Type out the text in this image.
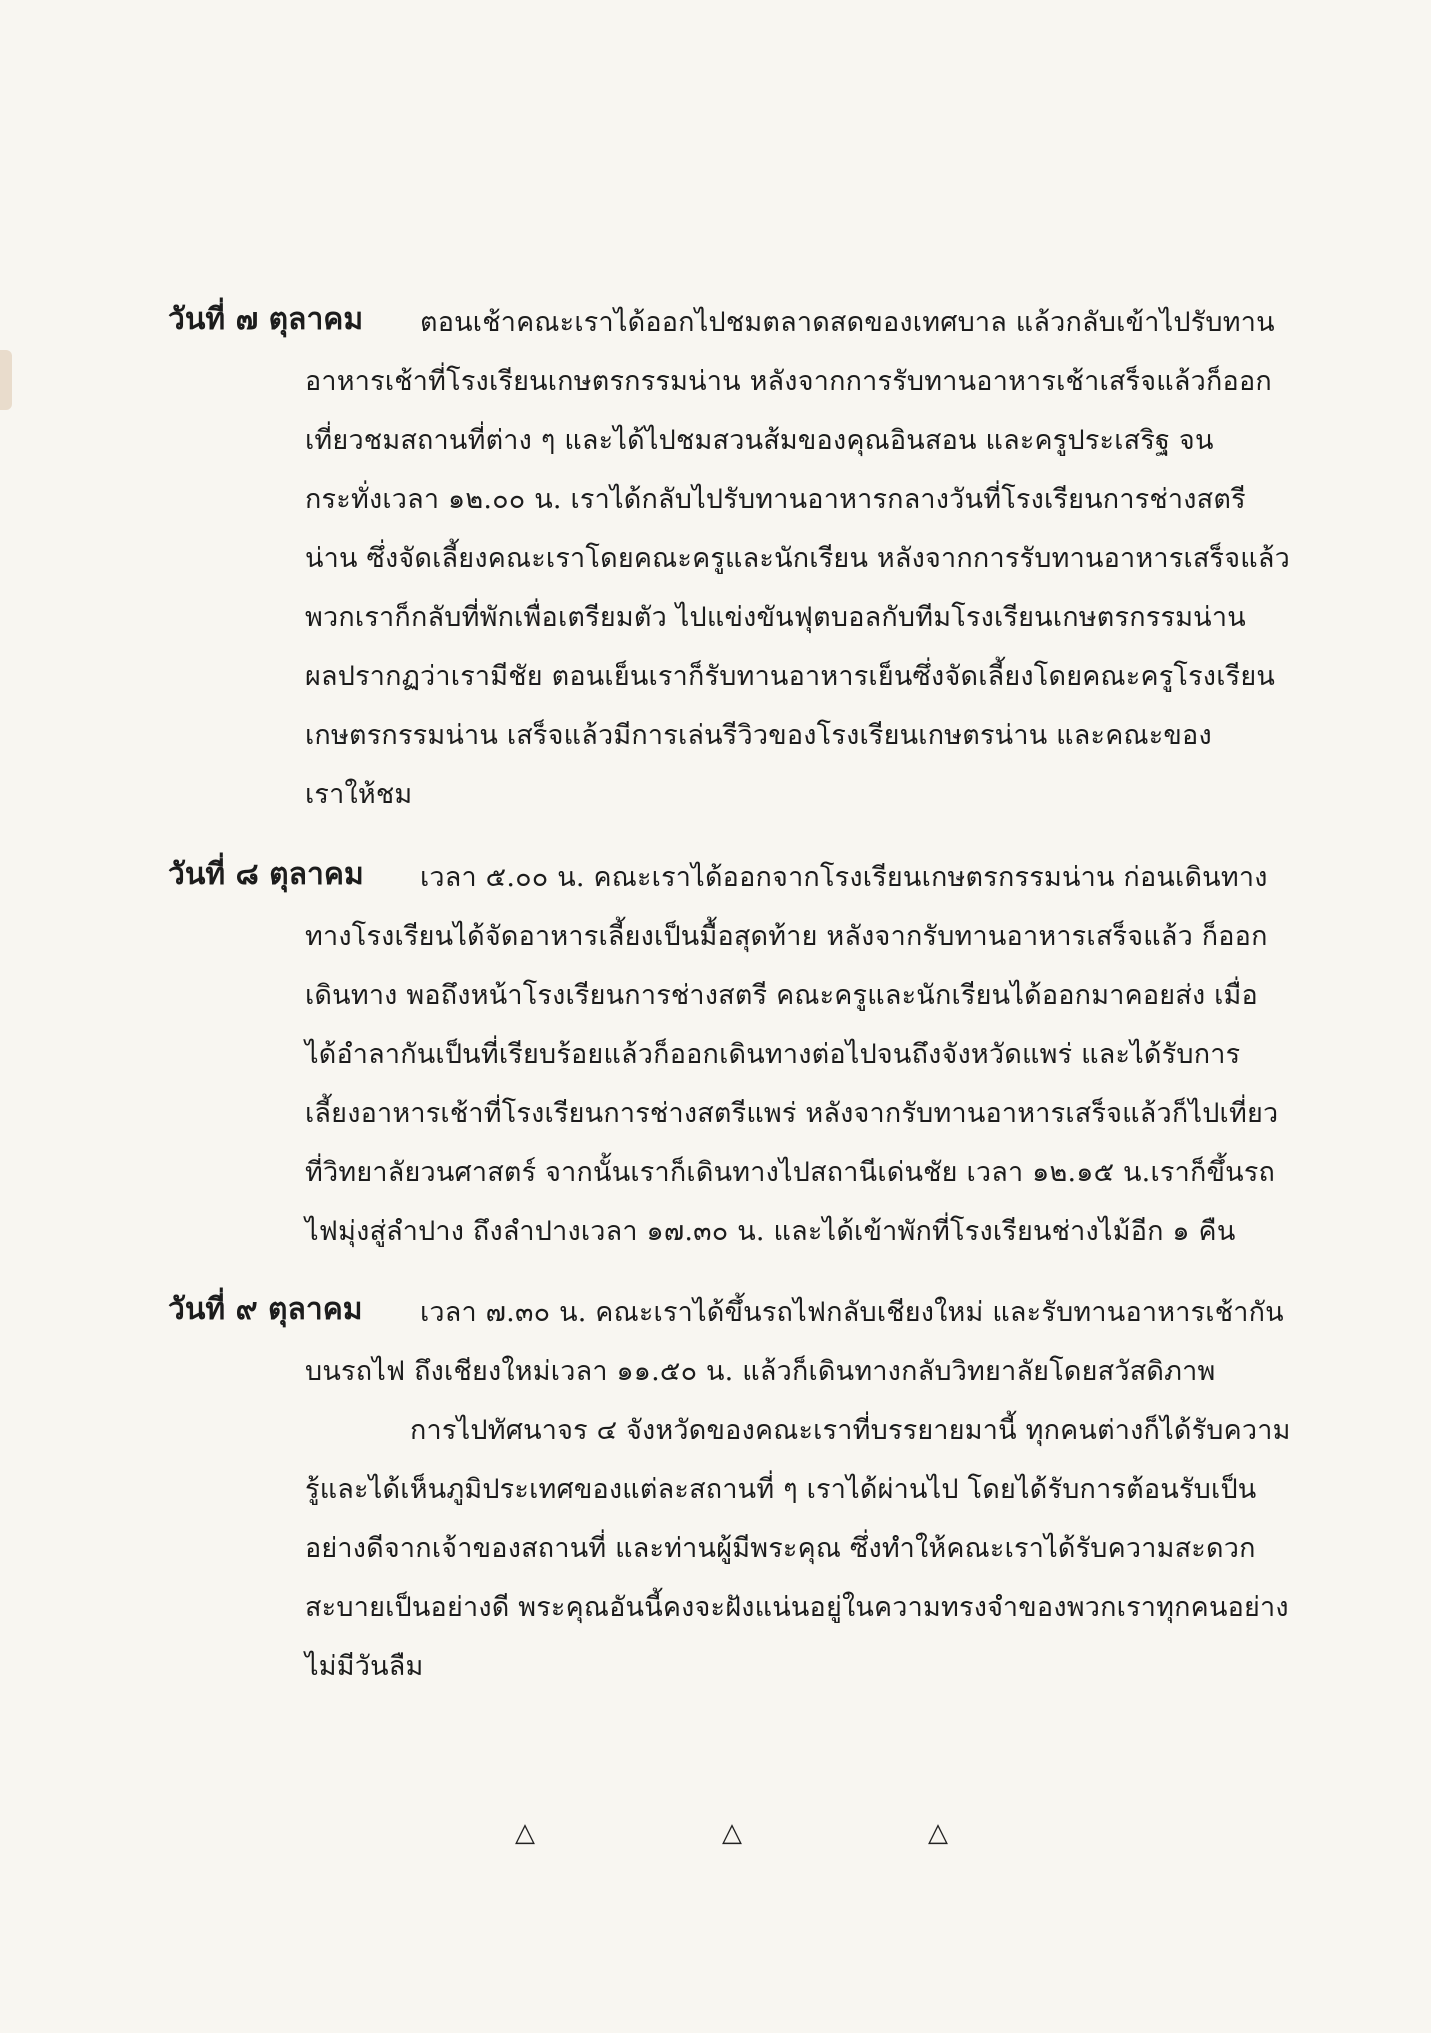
วันที่ ๗ ตุลาคม ตอนเช้าคณะเราได้ออกไปชมตลาดสดของเทศบาล แล้วกลับเข้าไปรับทาน
อาหารเช้าที่โรงเรียนเกษตรกรรมน่าน หลังจากการรับทานอาหารเช้าเสร็จแล้วก็ออก
เที่ยวชมสถานที่ต่าง ๆ และได้ไปชมสวนส้มของคุณอินสอน และครูประเสริฐ จน
กระทั่งเวลา ๑๒.๐๐ น. เราได้กลับไปรับทานอาหารกลางวันที่โรงเรียนการช่างสตรี
น่าน ซึ่งจัดเลี้ยงคณะเราโดยคณะครูและนักเรียน หลังจากการรับทานอาหารเสร็จแล้ว
พวกเราก็กลับที่พักเพื่อเตรียมตัว ไปแข่งขันฟุตบอลกับทีมโรงเรียนเกษตรกรรมน่าน
ผลปรากฏว่าเรามีชัย ตอนเย็นเราก็รับทานอาหารเย็นซึ่งจัดเลี้ยงโดยคณะครูโรงเรียน
เกษตรกรรมน่าน เสร็จแล้วมีการเล่นรีวิวของโรงเรียนเกษตรน่าน และคณะของ
เราให้ชม
วันที่ ๘ ตุลาคม เวลา ๕.๐๐ น. คณะเราได้ออกจากโรงเรียนเกษตรกรรมน่าน ก่อนเดินทาง
ทางโรงเรียนได้จัดอาหารเลี้ยงเป็นมื้อสุดท้าย หลังจากรับทานอาหารเสร็จแล้ว ก็ออก
เดินทาง พอถึงหน้าโรงเรียนการช่างสตรี คณะครูและนักเรียนได้ออกมาคอยส่ง เมื่อ
ได้อำลากันเป็นที่เรียบร้อยแล้วก็ออกเดินทางต่อไปจนถึงจังหวัดแพร่ และได้รับการ
เลี้ยงอาหารเช้าที่โรงเรียนการช่างสตรีแพร่ หลังจากรับทานอาหารเสร็จแล้วก็ไปเที่ยว
ที่วิทยาลัยวนศาสตร์ จากนั้นเราก็เดินทางไปสถานีเด่นชัย เวลา ๑๒.๑๕ น.เราก็ขึ้นรถ
ไฟมุ่งสู่ลำปาง ถึงลำปางเวลา ๑๗.๓๐ น. และได้เข้าพักที่โรงเรียนช่างไม้อีก ๑ คืน
วันที่ ๙ ตุลาคม เวลา ๗.๓๐ น. คณะเราได้ขึ้นรถไฟกลับเชียงใหม่ และรับทานอาหารเช้ากัน
บนรถไฟ ถึงเชียงใหม่เวลา ๑๑.๕๐ น. แล้วก็เดินทางกลับวิทยาลัยโดยสวัสดิภาพ
การไปทัศนาจร ๔ จังหวัดของคณะเราที่บรรยายมานี้ ทุกคนต่างก็ได้รับความ
รู้และได้เห็นภูมิประเทศของแต่ละสถานที่ ๆ เราได้ผ่านไป โดยได้รับการต้อนรับเป็น
อย่างดีจากเจ้าของสถานที่ และท่านผู้มีพระคุณ ซึ่งทำให้คณะเราได้รับความสะดวก
สะบายเป็นอย่างดี พระคุณอันนี้คงจะฝังแน่นอยู่ในความทรงจำของพวกเราทุกคนอย่าง
ไม่มีวันลืม
△	△	△
